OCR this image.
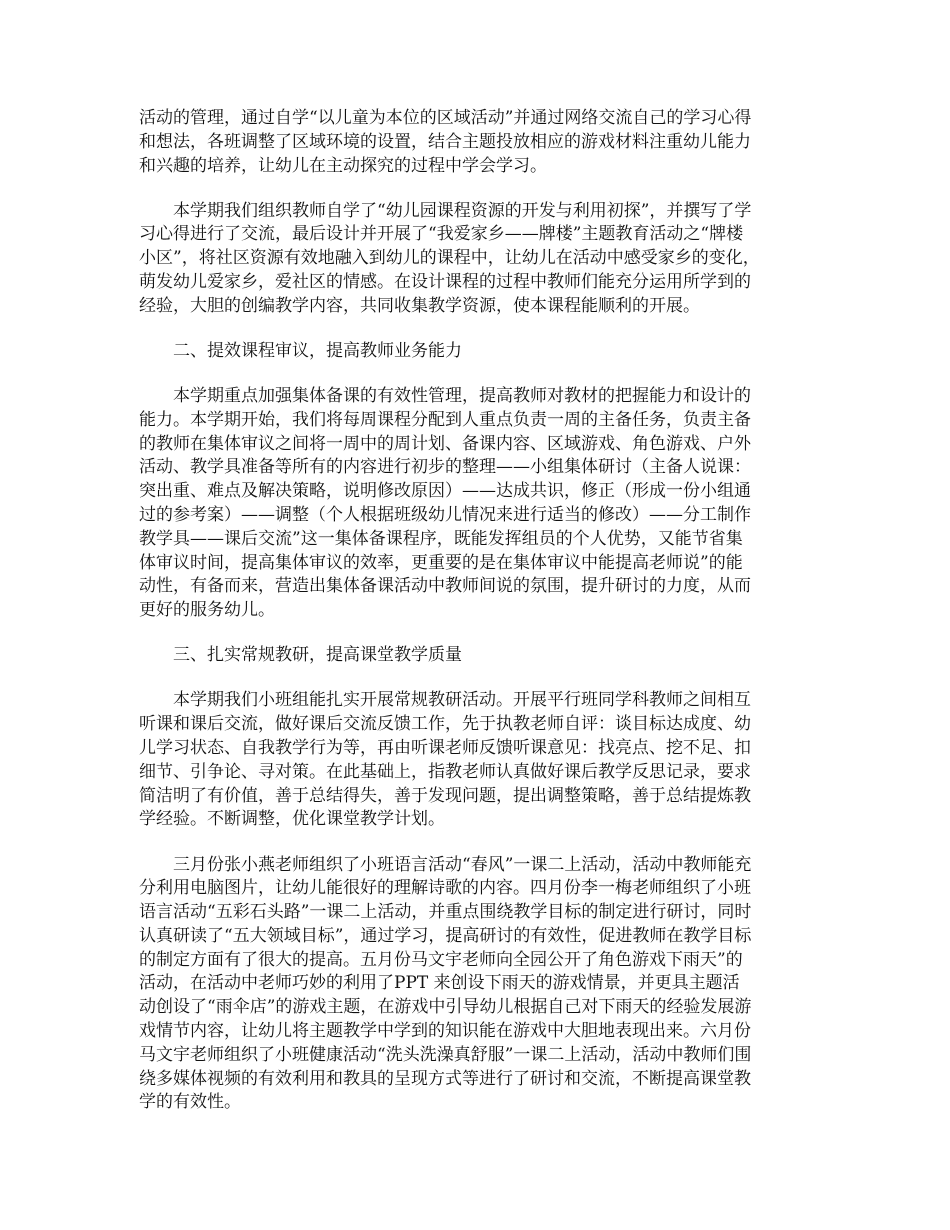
活动的管理，通过自学“以儿童为本位的区域活动”并通过网络交流自己的学习心得
和想法，各班调整了区域环境的设置，结合主题投放相应的游戏材料注重幼儿能力
和兴趣的培养，让幼儿在主动探究的过程中学会学习。
　　本学期我们组织教师自学了“幼儿园课程资源的开发与利用初探”，并撰写了学
习心得进行了交流，最后设计并开展了“我爱家乡——牌楼”主题教育活动之“牌楼
小区”，将社区资源有效地融入到幼儿的课程中，让幼儿在活动中感受家乡的变化，
萌发幼儿爱家乡，爱社区的情感。在设计课程的过程中教师们能充分运用所学到的
经验，大胆的创编教学内容，共同收集教学资源，使本课程能顺利的开展。
　　二、提效课程审议，提高教师业务能力
　　本学期重点加强集体备课的有效性管理，提高教师对教材的把握能力和设计的
能力。本学期开始，我们将每周课程分配到人重点负责一周的主备任务，负责主备
的教师在集体审议之间将一周中的周计划、备课内容、区域游戏、角色游戏、户外
活动、教学具准备等所有的内容进行初步的整理——小组集体研讨（主备人说课：
突出重、难点及解决策略，说明修改原因）——达成共识，修正（形成一份小组通
过的参考案）——调整（个人根据班级幼儿情况来进行适当的修改）——分工制作
教学具——课后交流”这一集体备课程序，既能发挥组员的个人优势，又能节省集
体审议时间，提高集体审议的效率，更重要的是在集体审议中能提高老师说”的能
动性，有备而来，营造出集体备课活动中教师间说的氛围，提升研讨的力度，从而
更好的服务幼儿。
　　三、扎实常规教研，提高课堂教学质量
　　本学期我们小班组能扎实开展常规教研活动。开展平行班同学科教师之间相互
听课和课后交流，做好课后交流反馈工作，先于执教老师自评：谈目标达成度、幼
儿学习状态、自我教学行为等，再由听课老师反馈听课意见：找亮点、挖不足、扣
细节、引争论、寻对策。在此基础上，指教老师认真做好课后教学反思记录，要求
简洁明了有价值，善于总结得失，善于发现问题，提出调整策略，善于总结提炼教
学经验。不断调整，优化课堂教学计划。
　　三月份张小燕老师组织了小班语言活动“春风”一课二上活动，活动中教师能充
分利用电脑图片，让幼儿能很好的理解诗歌的内容。四月份李一梅老师组织了小班
语言活动“五彩石头路”一课二上活动，并重点围绕教学目标的制定进行研讨，同时
认真研读了“五大领域目标”，通过学习，提高研讨的有效性，促进教师在教学目标
的制定方面有了很大的提高。五月份马文宇老师向全园公开了角色游戏下雨天”的
活动，在活动中老师巧妙的利用了PPT 来创设下雨天的游戏情景，并更具主题活
动创设了“雨伞店”的游戏主题，在游戏中引导幼儿根据自己对下雨天的经验发展游
戏情节内容，让幼儿将主题教学中学到的知识能在游戏中大胆地表现出来。六月份
马文宇老师组织了小班健康活动“洗头洗澡真舒服”一课二上活动，活动中教师们围
绕多媒体视频的有效利用和教具的呈现方式等进行了研讨和交流，不断提高课堂教
学的有效性。
